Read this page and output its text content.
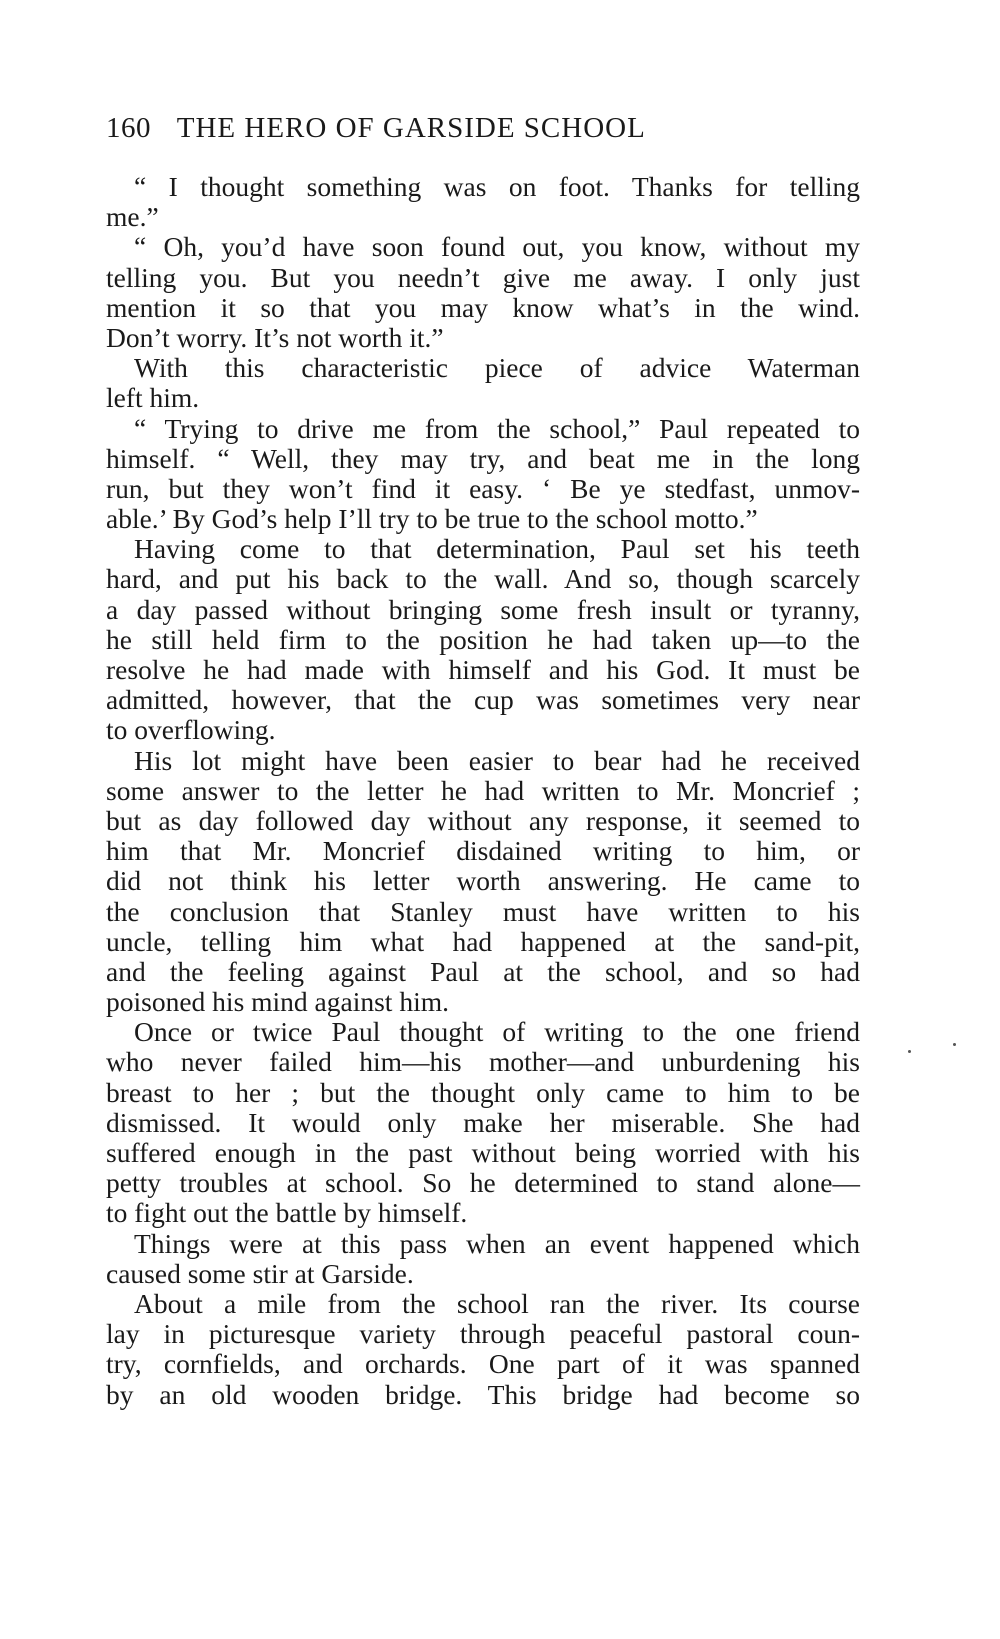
160 THE HERO OF GARSIDE SCHOOL
“ I thought something was on foot. Thanks for telling
me.”
“ Oh, you’d have soon found out, you know, without my
telling you. But you needn’t give me away. I only just
mention it so that you may know what’s in the wind.
Don’t worry. It’s not worth it.”
With this characteristic piece of advice Waterman
left him.
“ Trying to drive me from the school,” Paul repeated to
himself. “ Well, they may try, and beat me in the long
run, but they won’t find it easy. ‘ Be ye stedfast, unmov-
able.’ By God’s help I’ll try to be true to the school motto.”
Having come to that determination, Paul set his teeth
hard, and put his back to the wall. And so, though scarcely
a day passed without bringing some fresh insult or tyranny,
he still held firm to the position he had taken up—to the
resolve he had made with himself and his God. It must be
admitted, however, that the cup was sometimes very near
to overflowing.
His lot might have been easier to bear had he received
some answer to the letter he had written to Mr. Moncrief ;
but as day followed day without any response, it seemed to
him that Mr. Moncrief disdained writing to him, or
did not think his letter worth answering. He came to
the conclusion that Stanley must have written to his
uncle, telling him what had happened at the sand-pit,
and the feeling against Paul at the school, and so had
poisoned his mind against him.
Once or twice Paul thought of writing to the one friend
who never failed him—his mother—and unburdening his
breast to her ; but the thought only came to him to be
dismissed. It would only make her miserable. She had
suffered enough in the past without being worried with his
petty troubles at school. So he determined to stand alone—
to fight out the battle by himself.
Things were at this pass when an event happened which
caused some stir at Garside.
About a mile from the school ran the river. Its course
lay in picturesque variety through peaceful pastoral coun-
try, cornfields, and orchards. One part of it was spanned
by an old wooden bridge. This bridge had become so
